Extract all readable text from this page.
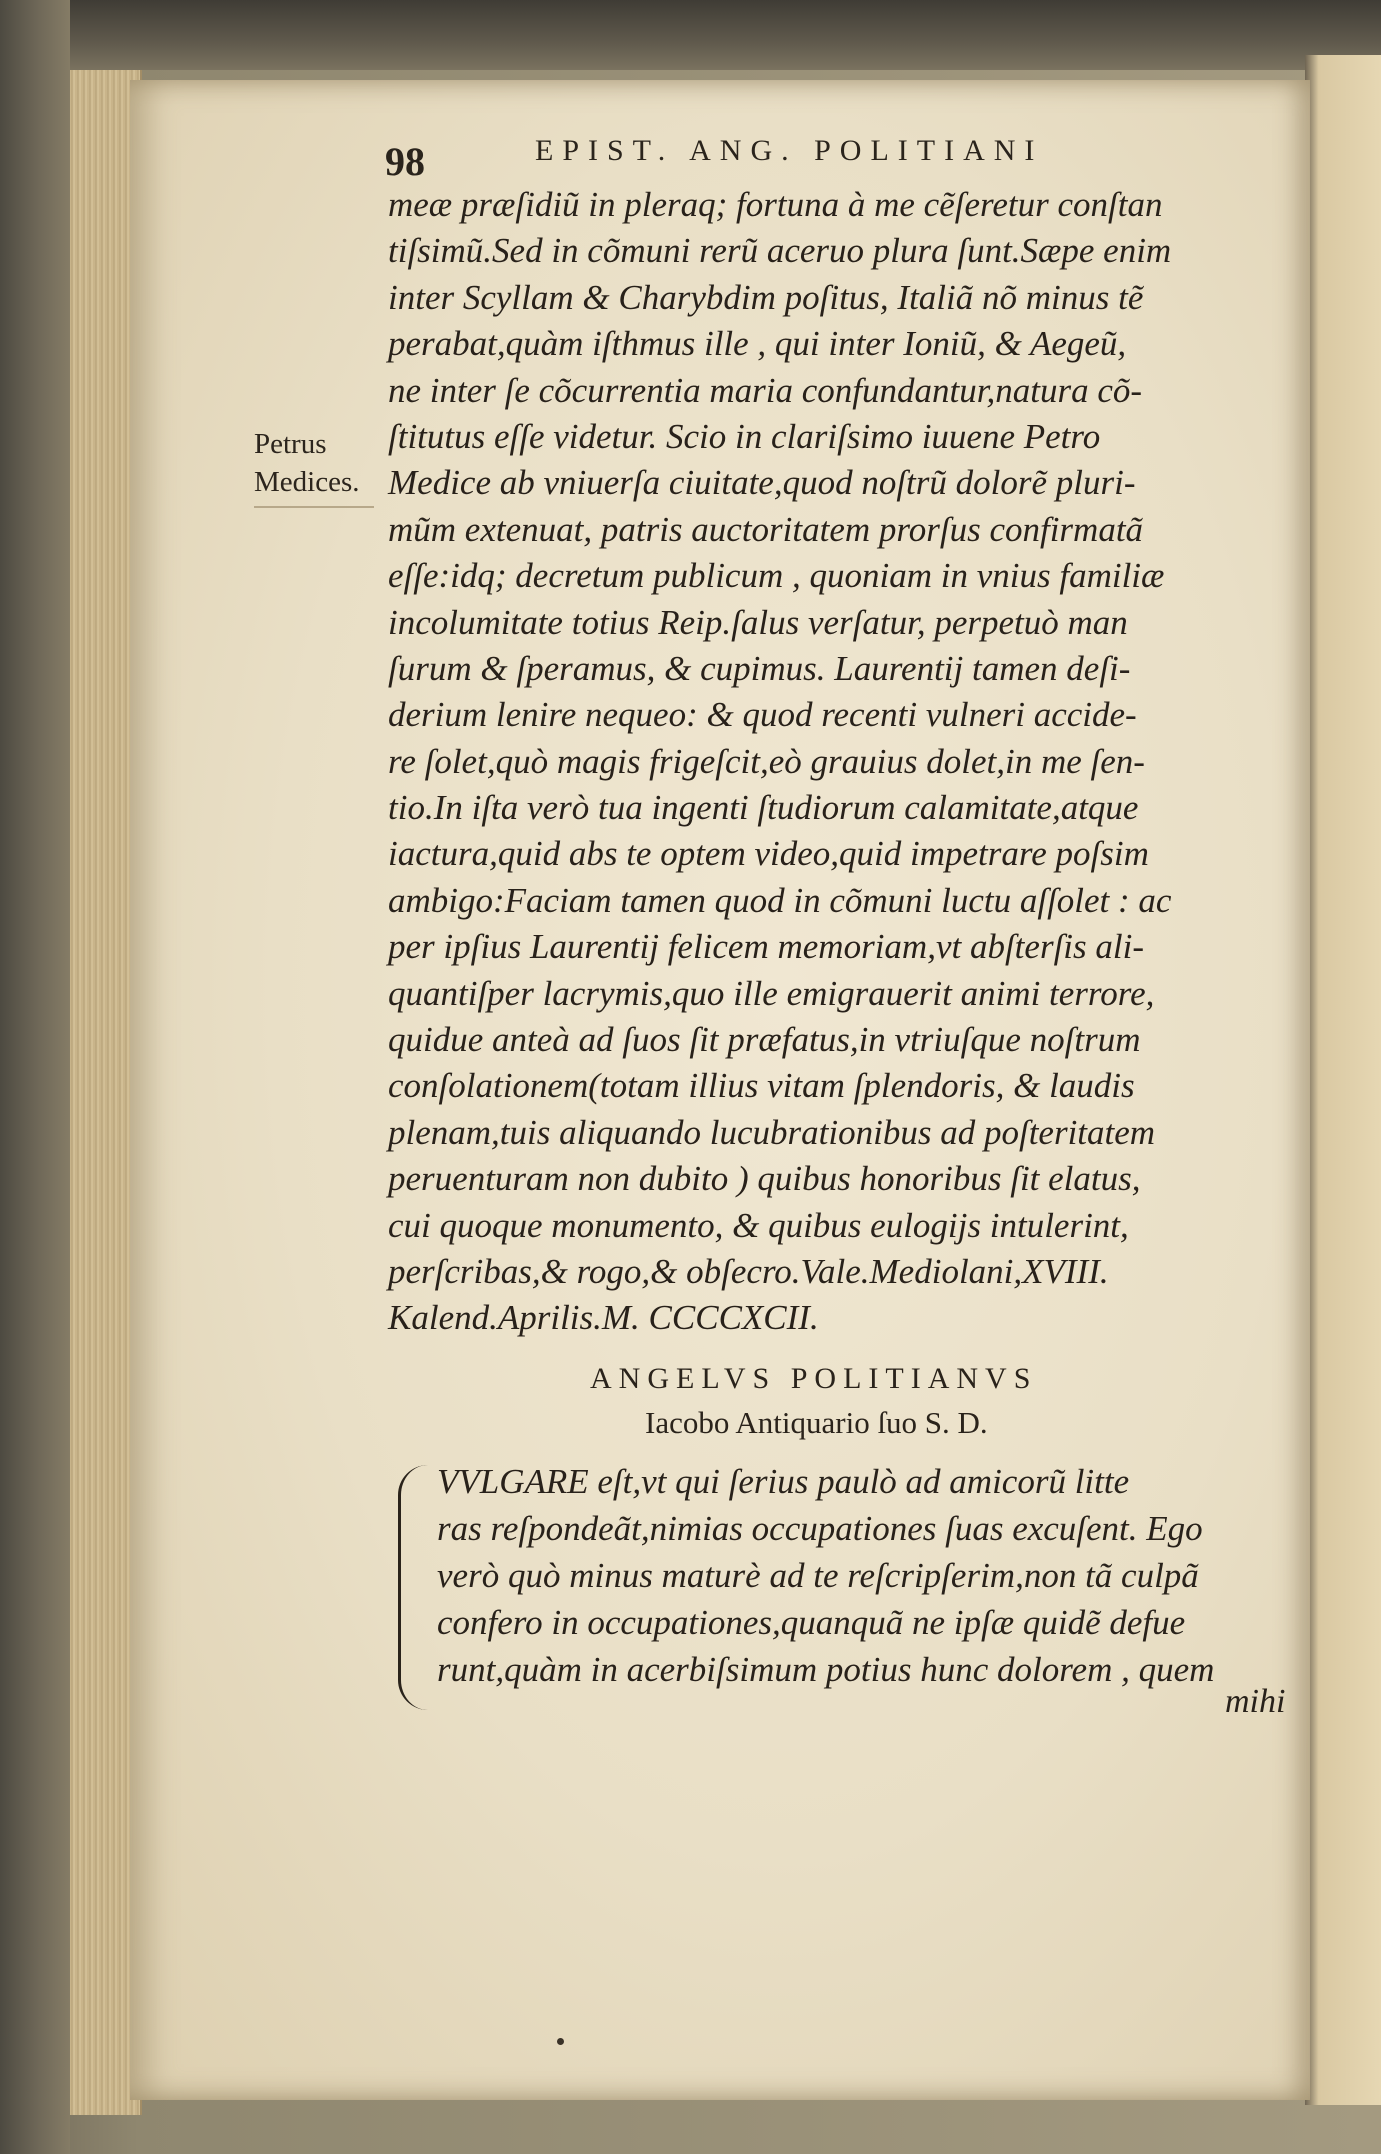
98	EPIST. ANG. POLITIANI
Petrus
Medices.
meæ præſidiũ in pleraq; fortuna à me cẽſeretur conſtan
tiſsimũ.Sed in cõmuni rerũ aceruo plura ſunt.Sæpe enim
inter Scyllam & Charybdim poſitus, Italiã nõ minus tẽ
perabat,quàm iſthmus ille , qui inter Ioniũ, & Aegeũ,
ne inter ſe cõcurrentia maria confundantur,natura cõ-
ſtitutus eſſe videtur. Scio in clariſsimo iuuene Petro
Medice ab vniuerſa ciuitate,quod noſtrũ dolorẽ pluri-
mũm extenuat, patris auctoritatem prorſus confirmatã
eſſe:idq; decretum publicum , quoniam in vnius familiæ
incolumitate totius Reip.ſalus verſatur, perpetuò man
ſurum & ſperamus, & cupimus. Laurentij tamen deſi-
derium lenire nequeo: & quod recenti vulneri accide-
re ſolet,quò magis frigeſcit,eò grauius dolet,in me ſen-
tio.In iſta verò tua ingenti ſtudiorum calamitate,atque
iactura,quid abs te optem video,quid impetrare poſsim
ambigo:Faciam tamen quod in cõmuni luctu aſſolet : ac
per ipſius Laurentij felicem memoriam,vt abſterſis ali-
quantiſper lacrymis,quo ille emigrauerit animi terrore,
quidue anteà ad ſuos ſit præfatus,in vtriuſque noſtrum
conſolationem(totam illius vitam ſplendoris, & laudis
plenam,tuis aliquando lucubrationibus ad poſteritatem
peruenturam non dubito ) quibus honoribus ſit elatus,
cui quoque monumento, & quibus eulogijs intulerint,
perſcribas,& rogo,& obſecro.Vale.Mediolani,XVIII.
Kalend.Aprilis.M. CCCCXCII.
ANGELVS POLITIANVS
Iacobo Antiquario ſuo S. D.
VVLGARE eſt,vt qui ſerius paulò ad amicorũ litte
ras reſpondeãt,nimias occupationes ſuas excuſent. Ego
verò quò minus maturè ad te reſcripſerim,non tã culpã
confero in occupationes,quanquã ne ipſæ quidẽ defue
runt,quàm in acerbiſsimum potius hunc dolorem , quem
mihi
